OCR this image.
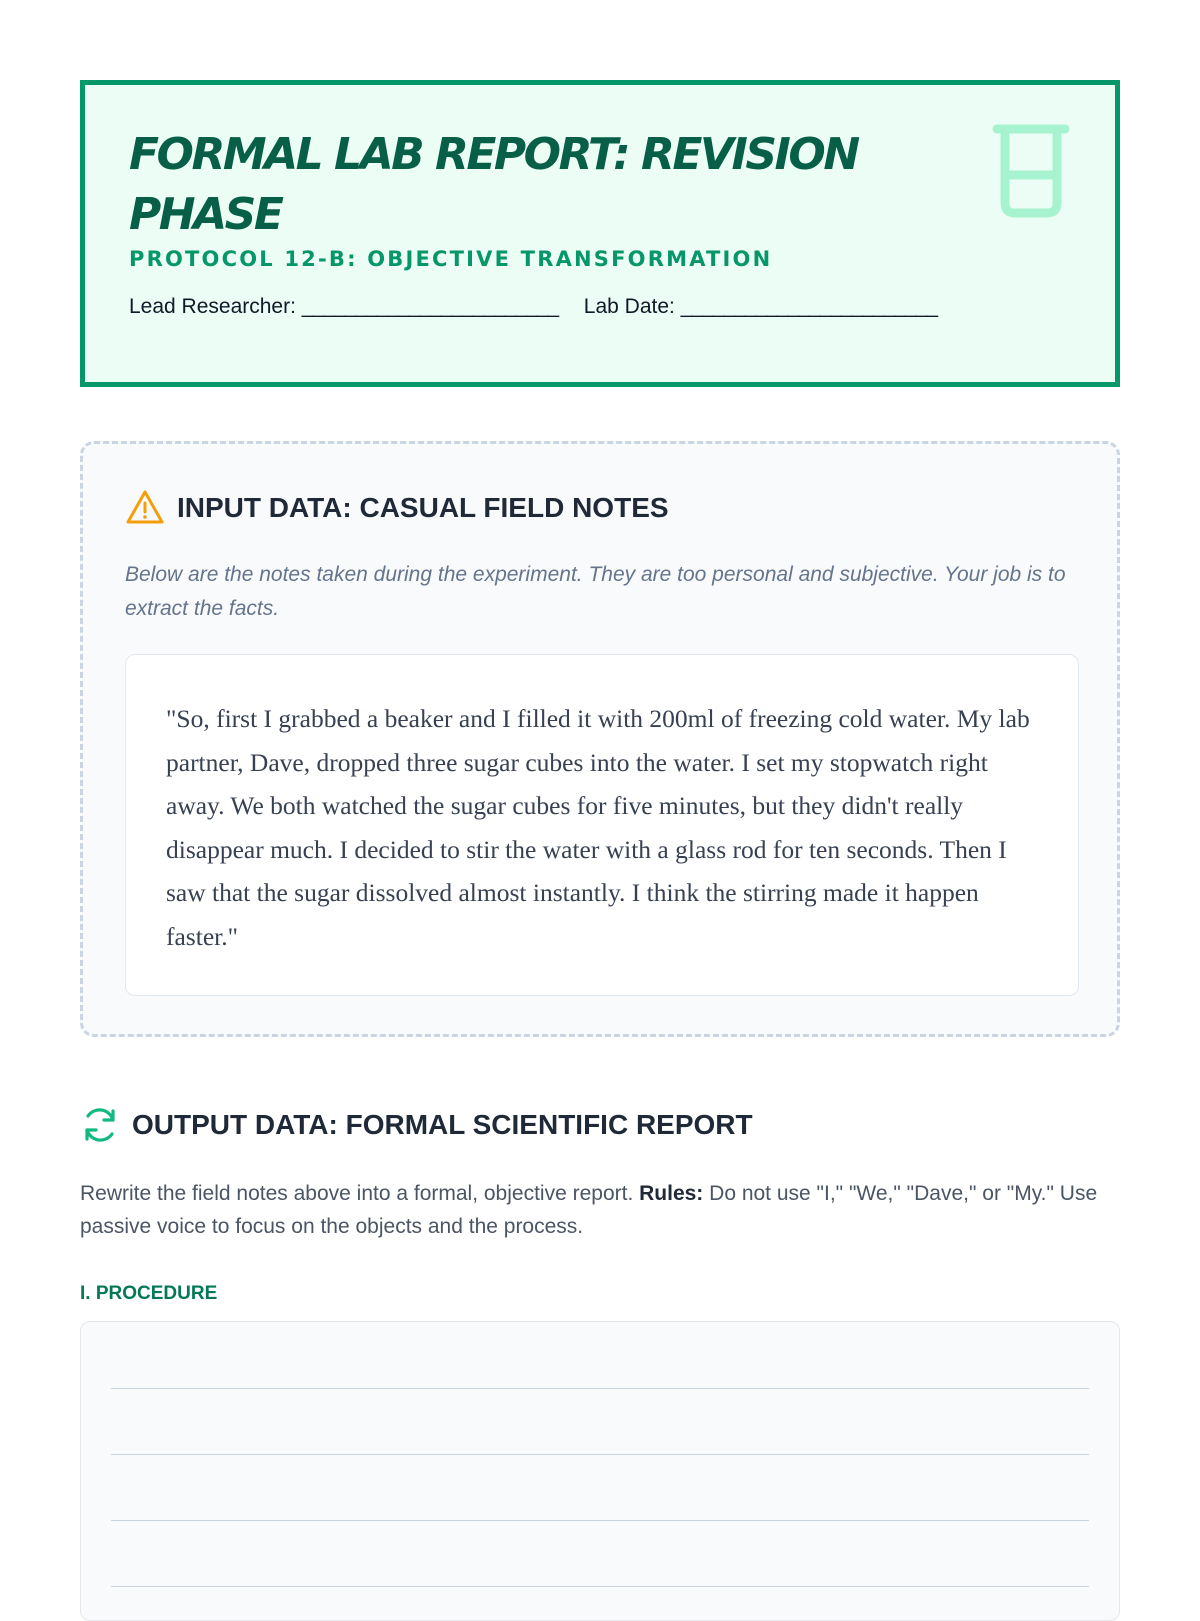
FORMAL LAB REPORT: REVISION PHASE
PROTOCOL 12-B: OBJECTIVE TRANSFORMATION
Lead Researcher: ________________________ Lab Date: ________________________
INPUT DATA: CASUAL FIELD NOTES
Below are the notes taken during the experiment. They are too personal and subjective. Your job is to extract the facts.
"So, first I grabbed a beaker and I filled it with 200ml of freezing cold water. My lab partner, Dave, dropped three sugar cubes into the water. I set my stopwatch right away. We both watched the sugar cubes for five minutes, but they didn't really disappear much. I decided to stir the water with a glass rod for ten seconds. Then I saw that the sugar dissolved almost instantly. I think the stirring made it happen faster."
OUTPUT DATA: FORMAL SCIENTIFIC REPORT
Rewrite the field notes above into a formal, objective report. Rules: Do not use "I," "We," "Dave," or "My." Use passive voice to focus on the objects and the process.
I. PROCEDURE
